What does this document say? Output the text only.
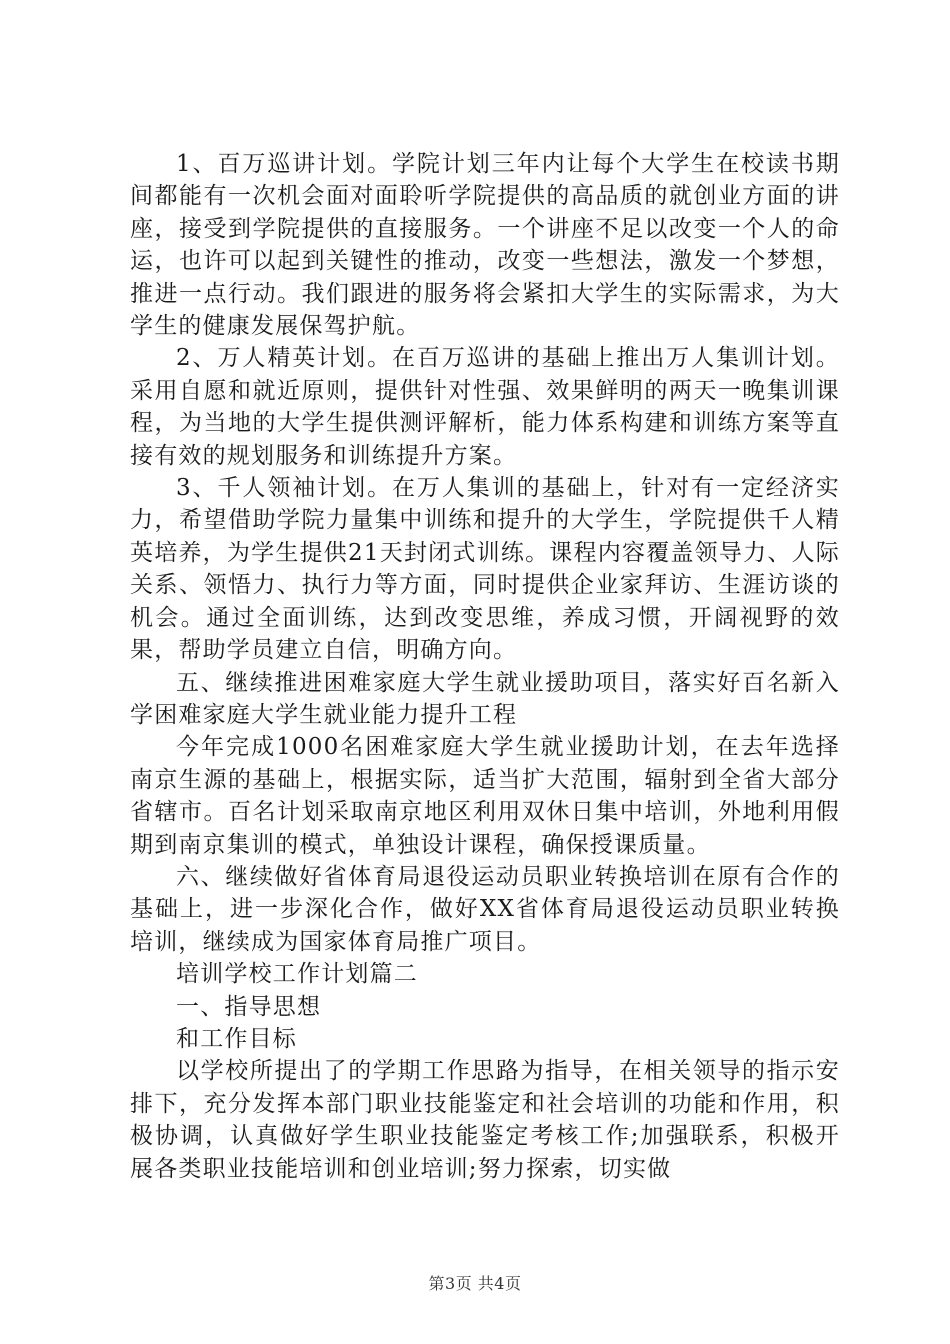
1、百万巡讲计划。学院计划三年内让每个大学生在校读书期间都能有一次机会面对面聆听学院提供的高品质的就创业方面的讲座，接受到学院提供的直接服务。一个讲座不足以改变一个人的命运，也许可以起到关键性的推动，改变一些想法，激发一个梦想，推进一点行动。我们跟进的服务将会紧扣大学生的实际需求，为大学生的健康发展保驾护航。

2、万人精英计划。在百万巡讲的基础上推出万人集训计划。采用自愿和就近原则，提供针对性强、效果鲜明的两天一晚集训课程，为当地的大学生提供测评解析，能力体系构建和训练方案等直接有效的规划服务和训练提升方案。

3、千人领袖计划。在万人集训的基础上，针对有一定经济实力，希望借助学院力量集中训练和提升的大学生，学院提供千人精英培养，为学生提供21天封闭式训练。课程内容覆盖领导力、人际关系、领悟力、执行力等方面，同时提供企业家拜访、生涯访谈的机会。通过全面训练，达到改变思维，养成习惯，开阔视野的效果，帮助学员建立自信，明确方向。

五、继续推进困难家庭大学生就业援助项目，落实好百名新入学困难家庭大学生就业能力提升工程

今年完成1000名困难家庭大学生就业援助计划，在去年选择南京生源的基础上，根据实际，适当扩大范围，辐射到全省大部分省辖市。百名计划采取南京地区利用双休日集中培训，外地利用假期到南京集训的模式，单独设计课程，确保授课质量。

六、继续做好省体育局退役运动员职业转换培训在原有合作的基础上，进一步深化合作，做好XX省体育局退役运动员职业转换培训，继续成为国家体育局推广项目。

培训学校工作计划篇二

一、指导思想

和工作目标

以学校所提出了的学期工作思路为指导，在相关领导的指示安排下，充分发挥本部门职业技能鉴定和社会培训的功能和作用，积极协调，认真做好学生职业技能鉴定考核工作;加强联系，积极开展各类职业技能培训和创业培训;努力探索，切实做

第3页 共4页
